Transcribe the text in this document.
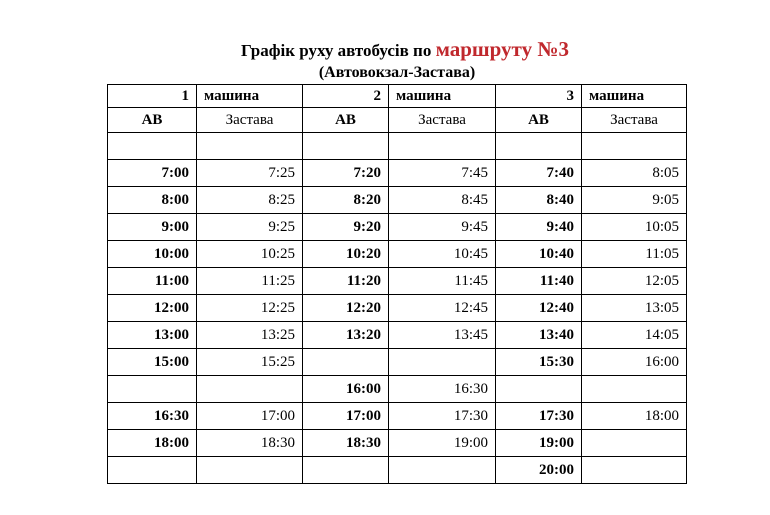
Графік руху автобусів по маршруту №3
(Автовокзал-Застава)
1	машина	2	машина	3	машина
АВ	Застава	АВ	Застава	АВ	Застава

7:00	7:25	7:20	7:45	7:40	8:05
8:00	8:25	8:20	8:45	8:40	9:05
9:00	9:25	9:20	9:45	9:40	10:05
10:00	10:25	10:20	10:45	10:40	11:05
11:00	11:25	11:20	11:45	11:40	12:05
12:00	12:25	12:20	12:45	12:40	13:05
13:00	13:25	13:20	13:45	13:40	14:05
15:00	15:25			15:30	16:00
		16:00	16:30		
16:30	17:00	17:00	17:30	17:30	18:00
18:00	18:30	18:30	19:00	19:00	
				20:00	
